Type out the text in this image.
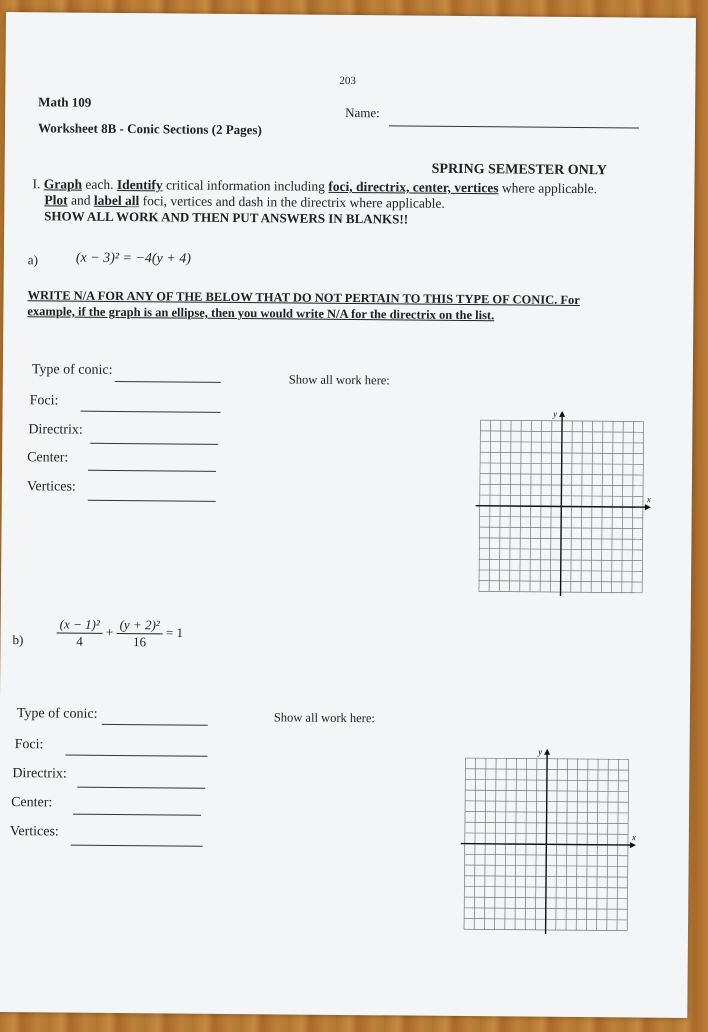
203
Math 109
Name:
Worksheet 8B - Conic Sections (2 Pages)
SPRING SEMESTER ONLY
I. Graph each. Identify critical information including foci, directrix, center, vertices where applicable.
Plot and label all foci, vertices and dash in the directrix where applicable.
SHOW ALL WORK AND THEN PUT ANSWERS IN BLANKS!!
a)	(x − 3)² = −4(y + 4)
WRITE N/A FOR ANY OF THE BELOW THAT DO NOT PERTAIN TO THIS TYPE OF CONIC. For
example, if the graph is an ellipse, then you would write N/A for the directrix on the list.
Type of conic:
Foci:
Directrix:
Center:
Vertices:
Show all work here:
x
y
b)	$\frac{\text{(x − 1)²}}{4} + \frac{\text{(y + 2)²}}{16} = 1$
Type of conic:
Foci:
Directrix:
Center:
Vertices:
Show all work here:
x
y
